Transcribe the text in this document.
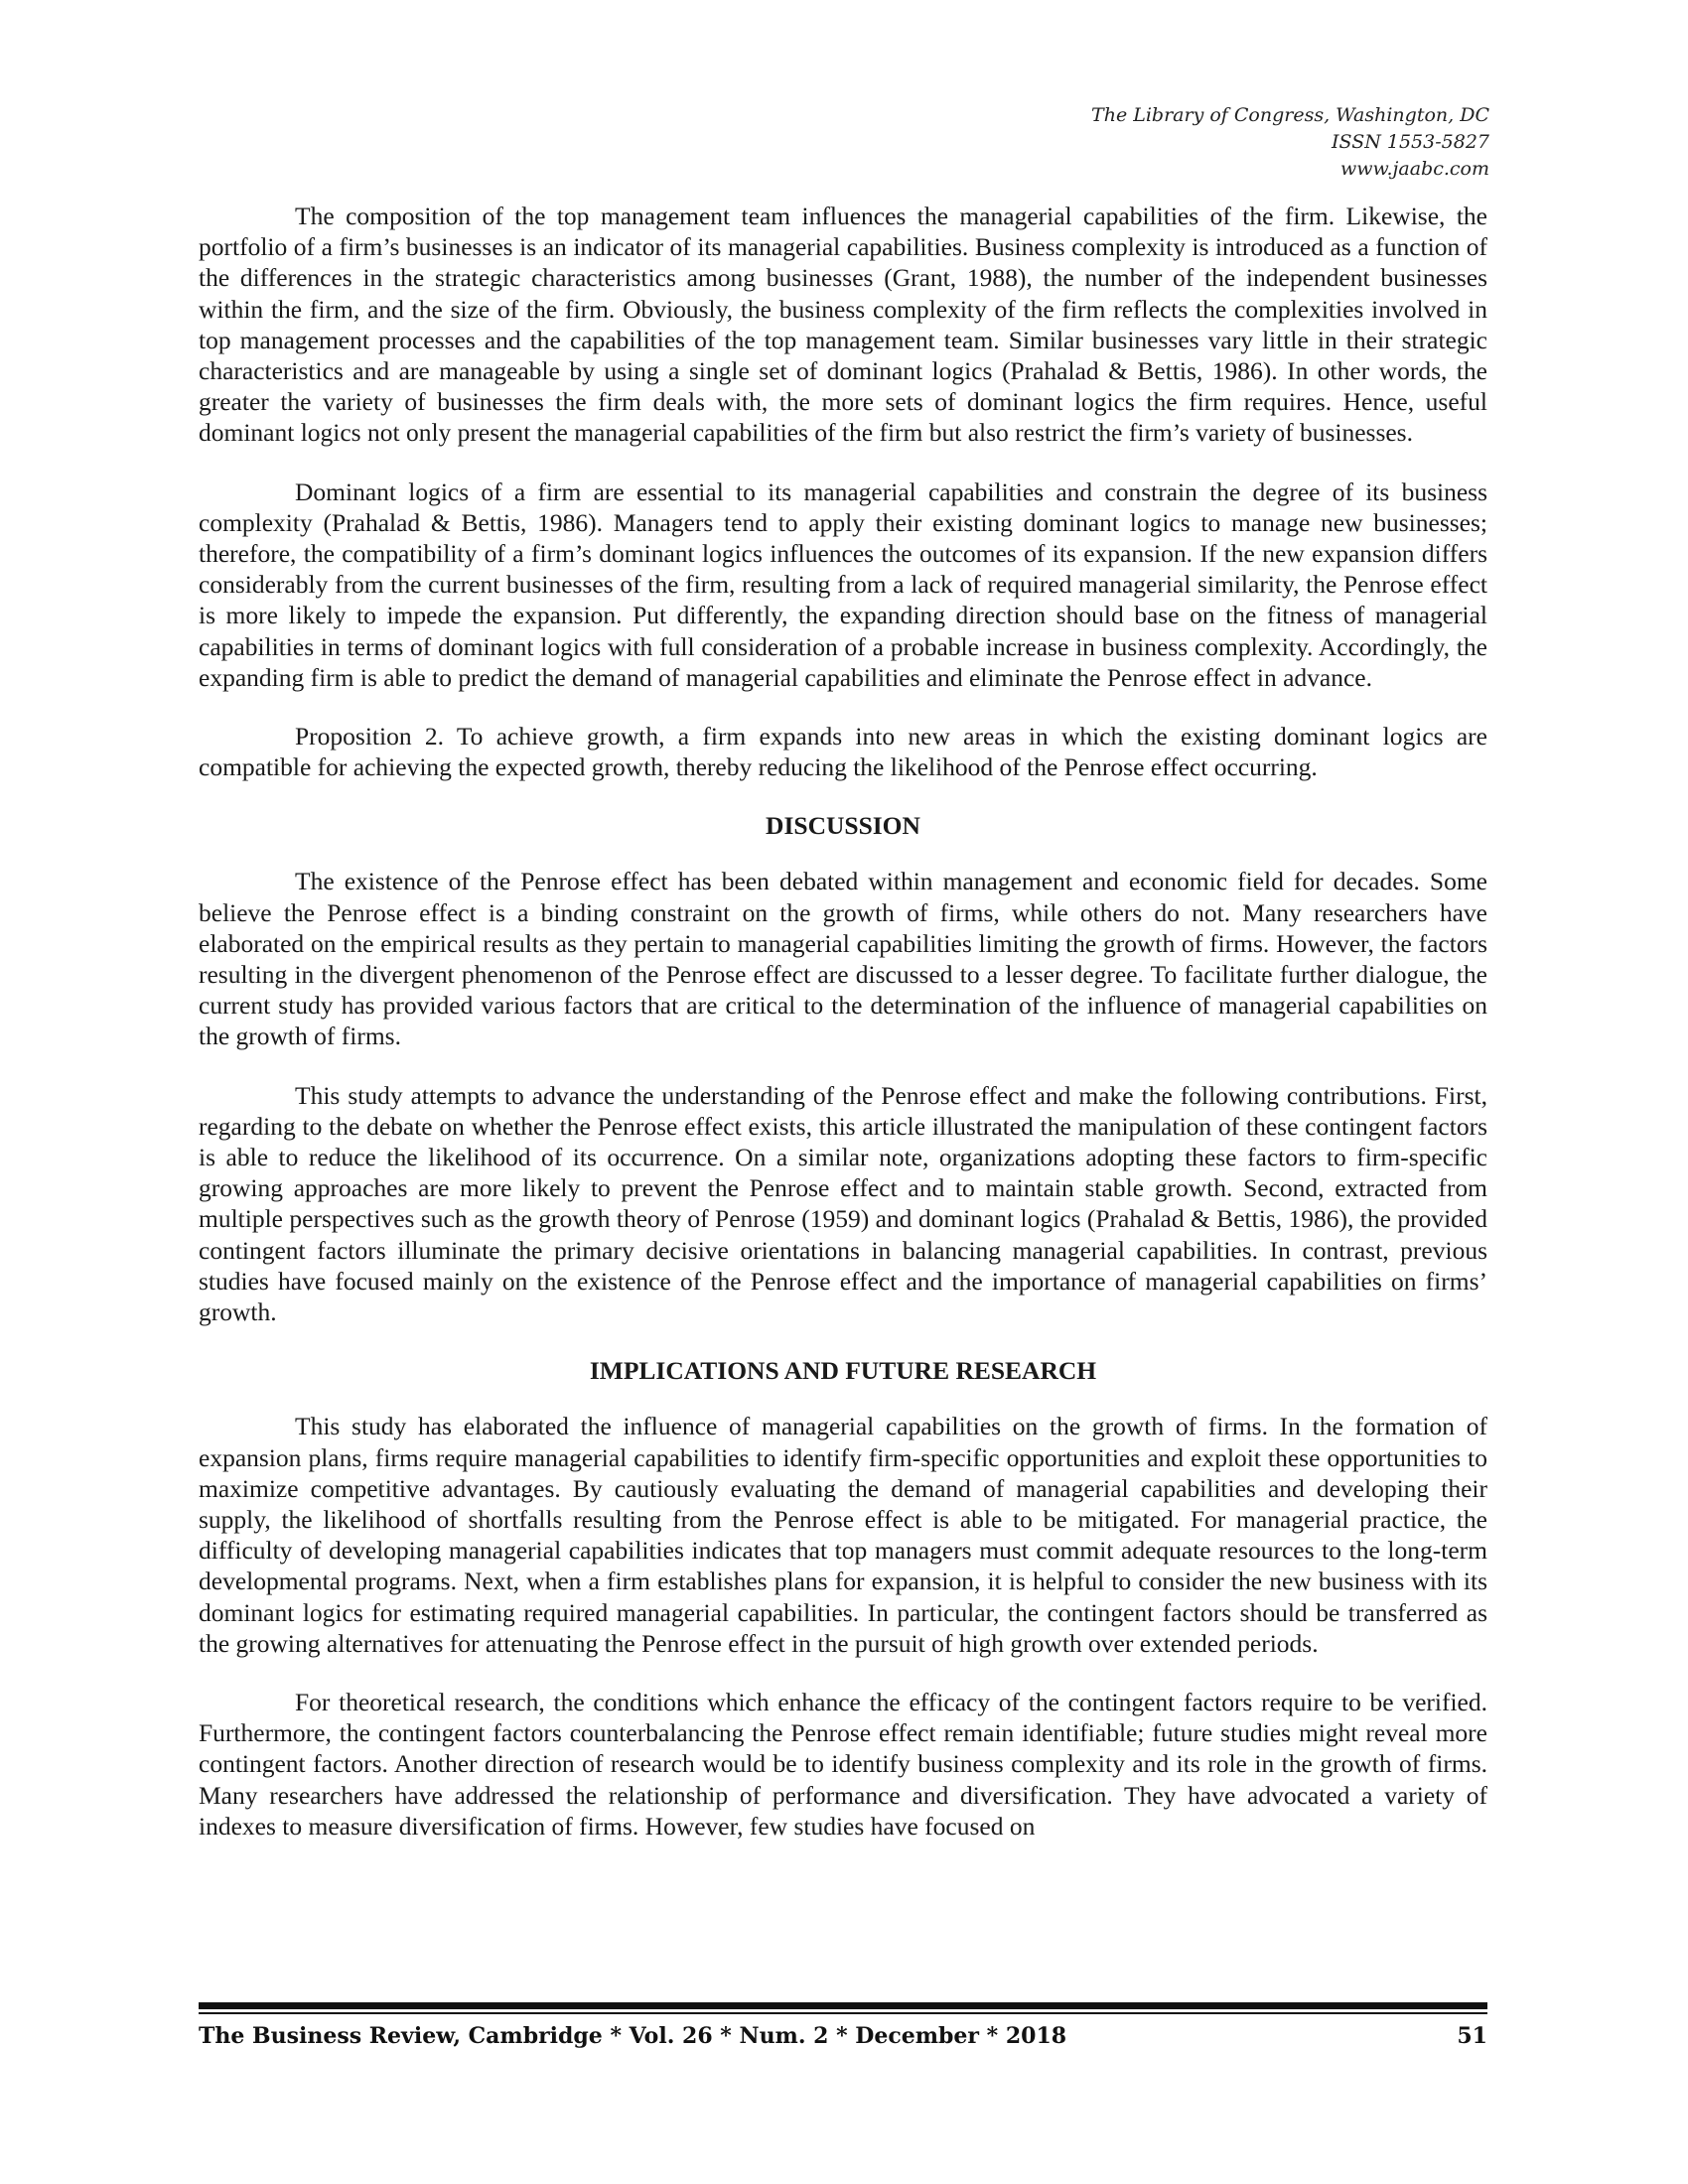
The Library of Congress, Washington, DC
ISSN 1553-5827
www.jaabc.com

The composition of the top management team influences the managerial capabilities of the firm. Likewise, the portfolio of a firm’s businesses is an indicator of its managerial capabilities. Business complexity is introduced as a function of the differences in the strategic characteristics among businesses (Grant, 1988), the number of the independent businesses within the firm, and the size of the firm. Obviously, the business complexity of the firm reflects the complexities involved in top management processes and the capabilities of the top management team. Similar businesses vary little in their strategic characteristics and are manageable by using a single set of dominant logics (Prahalad & Bettis, 1986). In other words, the greater the variety of businesses the firm deals with, the more sets of dominant logics the firm requires. Hence, useful dominant logics not only present the managerial capabilities of the firm but also restrict the firm’s variety of businesses.

Dominant logics of a firm are essential to its managerial capabilities and constrain the degree of its business complexity (Prahalad & Bettis, 1986). Managers tend to apply their existing dominant logics to manage new businesses; therefore, the compatibility of a firm’s dominant logics influences the outcomes of its expansion. If the new expansion differs considerably from the current businesses of the firm, resulting from a lack of required managerial similarity, the Penrose effect is more likely to impede the expansion. Put differently, the expanding direction should base on the fitness of managerial capabilities in terms of dominant logics with full consideration of a probable increase in business complexity. Accordingly, the expanding firm is able to predict the demand of managerial capabilities and eliminate the Penrose effect in advance.

Proposition 2. To achieve growth, a firm expands into new areas in which the existing dominant logics are compatible for achieving the expected growth, thereby reducing the likelihood of the Penrose effect occurring.

DISCUSSION

The existence of the Penrose effect has been debated within management and economic field for decades. Some believe the Penrose effect is a binding constraint on the growth of firms, while others do not. Many researchers have elaborated on the empirical results as they pertain to managerial capabilities limiting the growth of firms. However, the factors resulting in the divergent phenomenon of the Penrose effect are discussed to a lesser degree. To facilitate further dialogue, the current study has provided various factors that are critical to the determination of the influence of managerial capabilities on the growth of firms.

This study attempts to advance the understanding of the Penrose effect and make the following contributions. First, regarding to the debate on whether the Penrose effect exists, this article illustrated the manipulation of these contingent factors is able to reduce the likelihood of its occurrence. On a similar note, organizations adopting these factors to firm-specific growing approaches are more likely to prevent the Penrose effect and to maintain stable growth. Second, extracted from multiple perspectives such as the growth theory of Penrose (1959) and dominant logics (Prahalad & Bettis, 1986), the provided contingent factors illuminate the primary decisive orientations in balancing managerial capabilities. In contrast, previous studies have focused mainly on the existence of the Penrose effect and the importance of managerial capabilities on firms’ growth.

IMPLICATIONS AND FUTURE RESEARCH

This study has elaborated the influence of managerial capabilities on the growth of firms. In the formation of expansion plans, firms require managerial capabilities to identify firm-specific opportunities and exploit these opportunities to maximize competitive advantages. By cautiously evaluating the demand of managerial capabilities and developing their supply, the likelihood of shortfalls resulting from the Penrose effect is able to be mitigated. For managerial practice, the difficulty of developing managerial capabilities indicates that top managers must commit adequate resources to the long-term developmental programs. Next, when a firm establishes plans for expansion, it is helpful to consider the new business with its dominant logics for estimating required managerial capabilities. In particular, the contingent factors should be transferred as the growing alternatives for attenuating the Penrose effect in the pursuit of high growth over extended periods.

For theoretical research, the conditions which enhance the efficacy of the contingent factors require to be verified. Furthermore, the contingent factors counterbalancing the Penrose effect remain identifiable; future studies might reveal more contingent factors. Another direction of research would be to identify business complexity and its role in the growth of firms. Many researchers have addressed the relationship of performance and diversification. They have advocated a variety of indexes to measure diversification of firms. However, few studies have focused on

The Business Review, Cambridge * Vol. 26 * Num. 2 * December * 2018	51
